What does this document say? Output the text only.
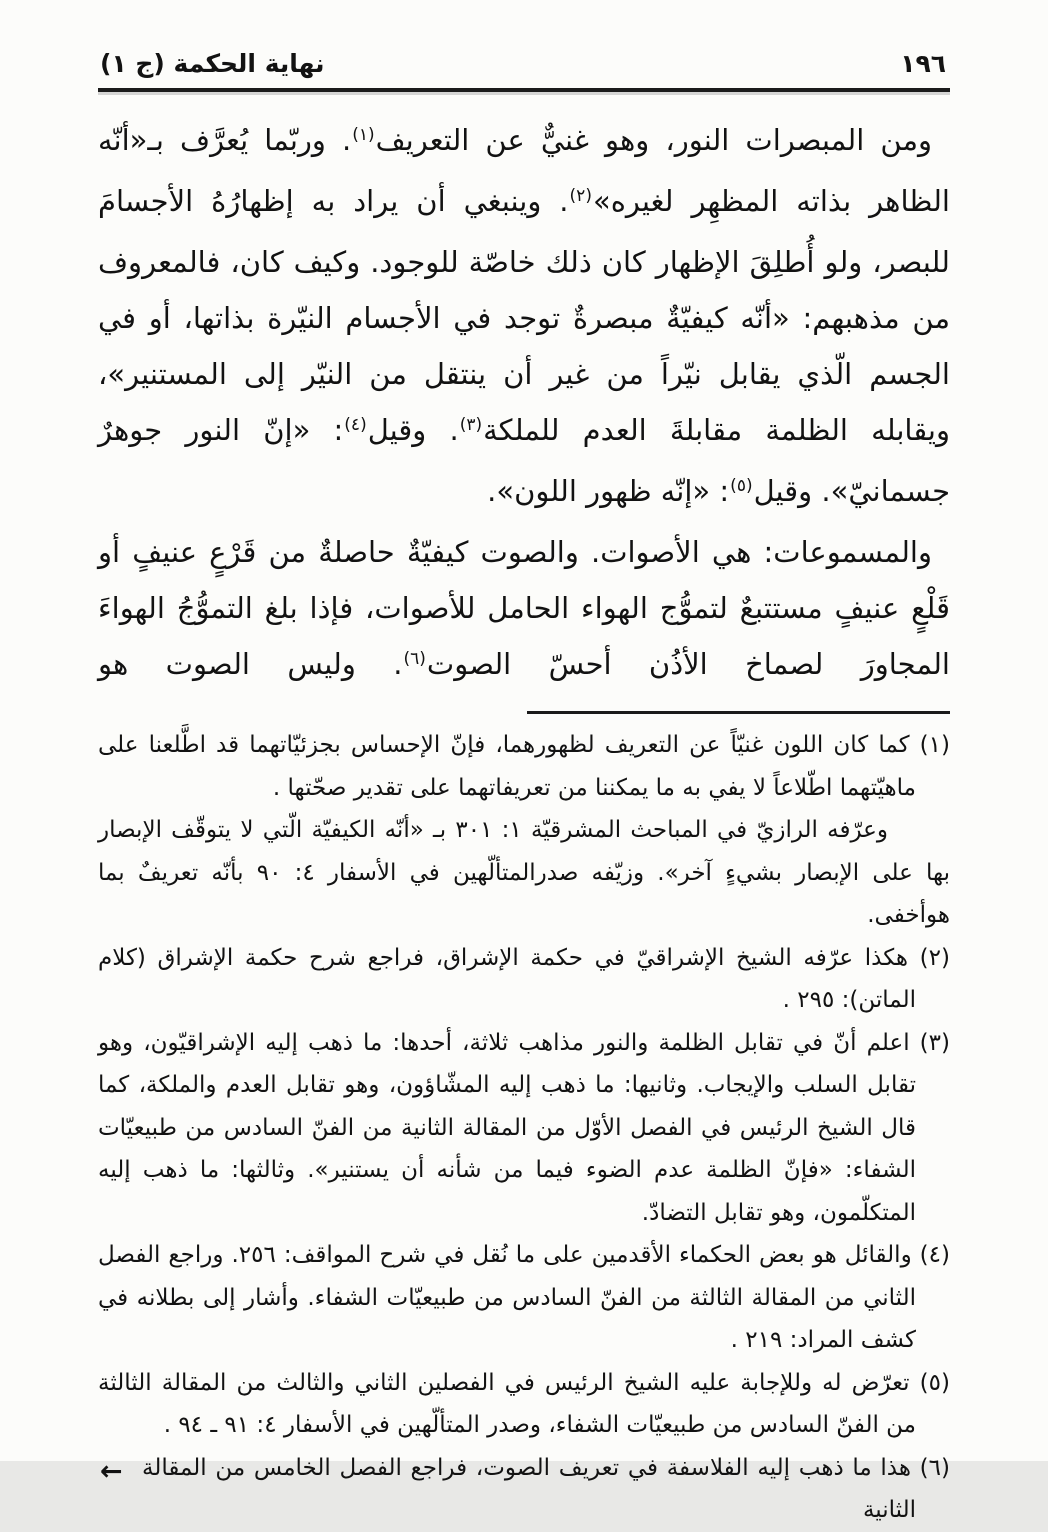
١٩٦
نهاية الحكمة (ج ١)

ومن المبصرات النور، وهو غنيٌّ عن التعريف$^{(١)}$. وربّما يُعرَّف بـ«أنّه الظاهر بذاته المظهِر لغيره»$^{(٢)}$. وينبغي أن يراد به إظهارُهُ الأجسامَ للبصر، ولو أُطلِقَ الإظهار كان ذلك خاصّة للوجود. وكيف كان، فالمعروف من مذهبهم: «أنّه كيفيّةٌ مبصرةٌ توجد في الأجسام النيّرة بذاتها، أو في الجسم الّذي يقابل نيّراً من غير أن ينتقل من النيّر إلى المستنير»، ويقابله الظلمة مقابلةَ العدم للملكة$^{(٣)}$. وقيل$^{(٤)}$: «إنّ النور جوهرٌ جسمانيّ». وقيل$^{(٥)}$: «إنّه ظهور اللون».

والمسموعات: هي الأصوات. والصوت كيفيّةٌ حاصلةٌ من قَرْعٍ عنيفٍ أو قَلْعٍ عنيفٍ مستتبعٌ لتموُّج الهواء الحامل للأصوات، فإذا بلغ التموُّجُ الهواءَ المجاورَ لصماخ الأذُن أحسّ الصوت$^{(٦)}$. وليس الصوت هو

(١) كما كان اللون غنيّاً عن التعريف لظهورهما، فإنّ الإحساس بجزئيّاتهما قد اطَّلعنا على ماهيّتهما اطّلاعاً لا يفي به ما يمكننا من تعريفاتهما على تقدير صحّتها .

وعرّفه الرازيّ في المباحث المشرقيّة ١: ٣٠١ بـ «أنّه الكيفيّة الّتي لا يتوقّف الإبصار بها على الإبصار بشيءٍ آخر». وزيّفه صدرالمتألّهين في الأسفار ٤: ٩٠ بأنّه تعريفٌ بما هوأخفى.

(٢) هكذا عرّفه الشيخ الإشراقيّ في حكمة الإشراق، فراجع شرح حكمة الإشراق (كلام الماتن): ٢٩٥ .

(٣) اعلم أنّ في تقابل الظلمة والنور مذاهب ثلاثة، أحدها: ما ذهب إليه الإشراقيّون، وهو تقابل السلب والإيجاب. وثانيها: ما ذهب إليه المشّاؤون، وهو تقابل العدم والملكة، كما قال الشيخ الرئيس في الفصل الأوّل من المقالة الثانية من الفنّ السادس من طبيعيّات الشفاء: «فإنّ الظلمة عدم الضوء فيما من شأنه أن يستنير». وثالثها: ما ذهب إليه المتكلّمون، وهو تقابل التضادّ.

(٤) والقائل هو بعض الحكماء الأقدمين على ما نُقل في شرح المواقف: ٢٥٦. وراجع الفصل الثاني من المقالة الثالثة من الفنّ السادس من طبيعيّات الشفاء. وأشار إلى بطلانه في كشف المراد: ٢١٩ .

(٥) تعرّض له وللإجابة عليه الشيخ الرئيس في الفصلين الثاني والثالث من المقالة الثالثة من الفنّ السادس من طبيعيّات الشفاء، وصدر المتألّهين في الأسفار ٤: ٩١ ـ ٩٤ .

(٦) هذا ما ذهب إليه الفلاسفة في تعريف الصوت، فراجع الفصل الخامس من المقالة الثانية
←
